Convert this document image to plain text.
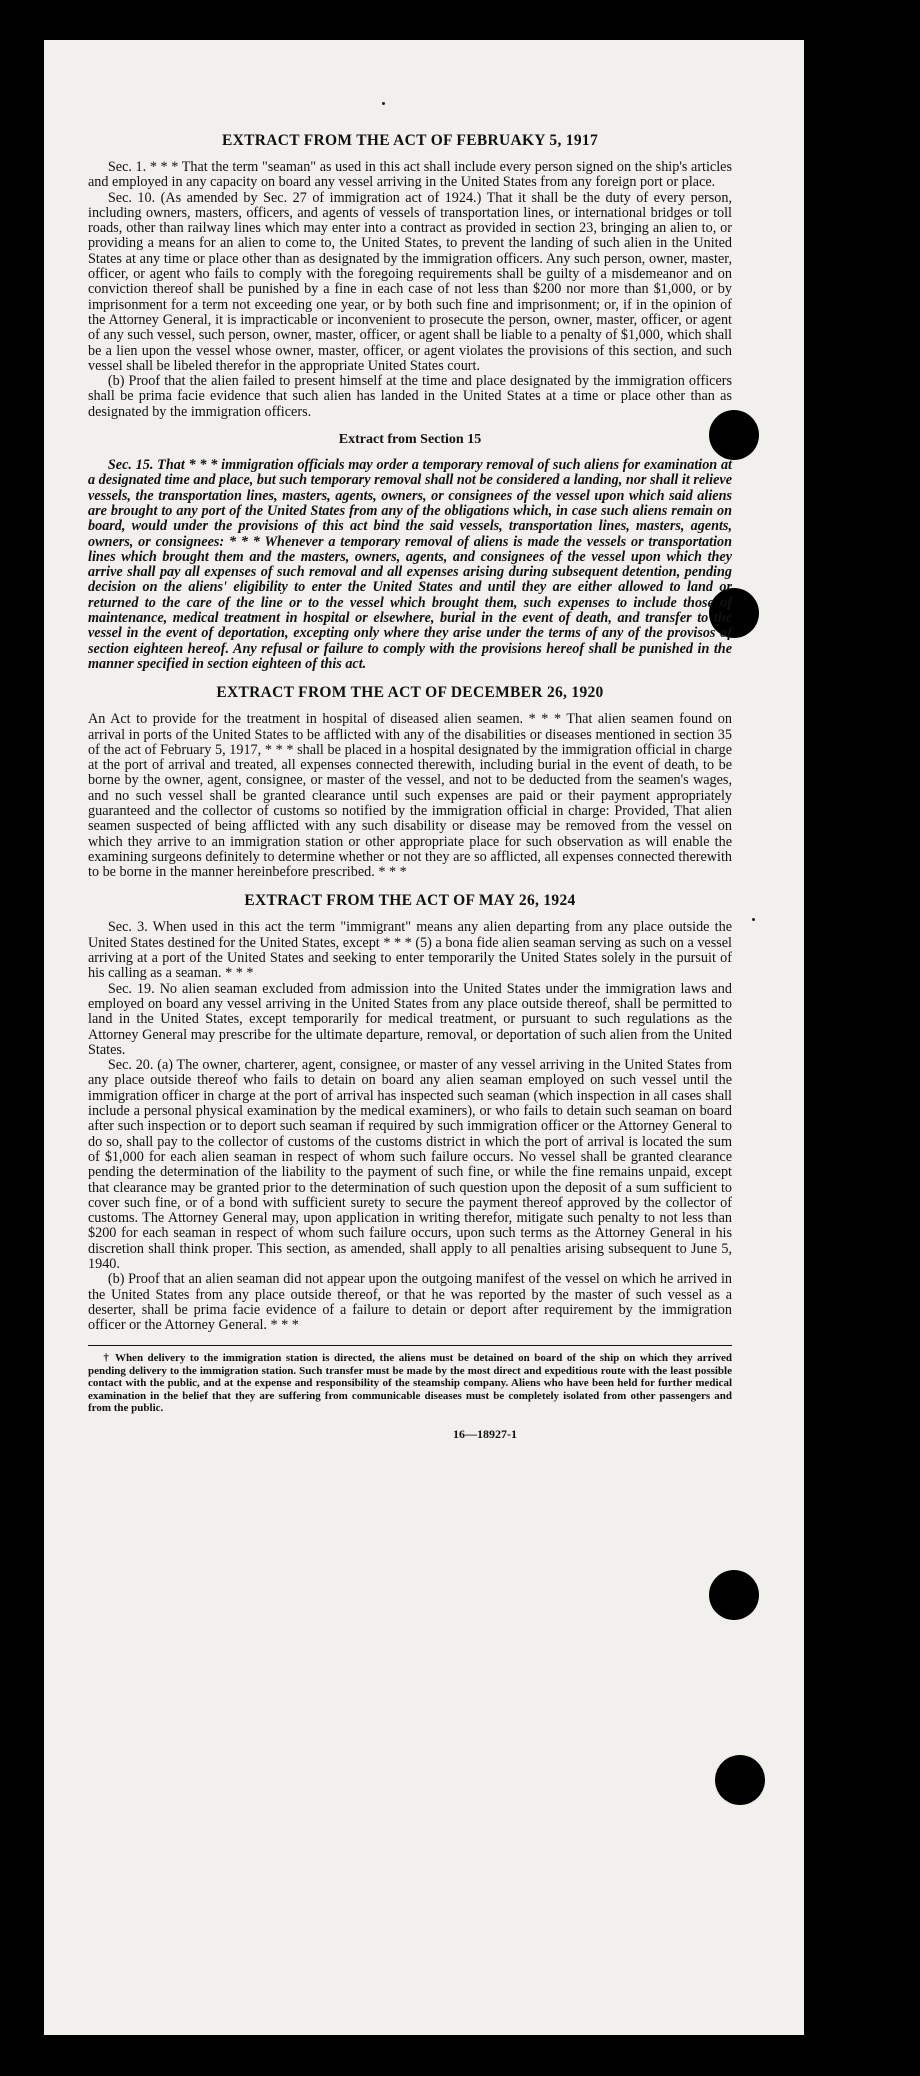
EXTRACT FROM THE ACT OF FEBRUAKY 5, 1917

Sec. 1. * * * That the term "seaman" as used in this act shall include every person signed on the ship's articles and employed in any capacity on board any vessel arriving in the United States from any foreign port or place.

Sec. 10. (As amended by Sec. 27 of immigration act of 1924.) That it shall be the duty of every person, including owners, masters, officers, and agents of vessels of transportation lines, or international bridges or toll roads, other than railway lines which may enter into a contract as provided in section 23, bringing an alien to, or providing a means for an alien to come to, the United States, to prevent the landing of such alien in the United States at any time or place other than as designated by the immigration officers. Any such person, owner, master, officer, or agent who fails to comply with the foregoing requirements shall be guilty of a misdemeanor and on conviction thereof shall be punished by a fine in each case of not less than $200 nor more than $1,000, or by imprisonment for a term not exceeding one year, or by both such fine and imprisonment; or, if in the opinion of the Attorney General, it is impracticable or inconvenient to prosecute the person, owner, master, officer, or agent of any such vessel, such person, owner, master, officer, or agent shall be liable to a penalty of $1,000, which shall be a lien upon the vessel whose owner, master, officer, or agent violates the provisions of this section, and such vessel shall be libeled therefor in the appropriate United States court.

(b) Proof that the alien failed to present himself at the time and place designated by the immigration officers shall be prima facie evidence that such alien has landed in the United States at a time or place other than as designated by the immigration officers.

Extract from Section 15

Sec. 15. That * * * immigration officials may order a temporary removal of such aliens for examination at a designated time and place, but such temporary removal shall not be considered a landing, nor shall it relieve vessels, the transportation lines, masters, agents, owners, or consignees of the vessel upon which said aliens are brought to any port of the United States from any of the obligations which, in case such aliens remain on board, would under the provisions of this act bind the said vessels, transportation lines, masters, agents, owners, or consignees: * * * Whenever a temporary removal of aliens is made the vessels or transportation lines which brought them and the masters, owners, agents, and consignees of the vessel upon which they arrive shall pay all expenses of such removal and all expenses arising during subsequent detention, pending decision on the aliens' eligibility to enter the United States and until they are either allowed to land or returned to the care of the line or to the vessel which brought them, such expenses to include those of maintenance, medical treatment in hospital or elsewhere, burial in the event of death, and transfer to the vessel in the event of deportation, excepting only where they arise under the terms of any of the provisos of section eighteen hereof. Any refusal or failure to comply with the provisions hereof shall be punished in the manner specified in section eighteen of this act.

EXTRACT FROM THE ACT OF DECEMBER 26, 1920

An Act to provide for the treatment in hospital of diseased alien seamen. * * * That alien seamen found on arrival in ports of the United States to be afflicted with any of the disabilities or diseases mentioned in section 35 of the act of February 5, 1917, * * * shall be placed in a hospital designated by the immigration official in charge at the port of arrival and treated, all expenses connected therewith, including burial in the event of death, to be borne by the owner, agent, consignee, or master of the vessel, and not to be deducted from the seamen's wages, and no such vessel shall be granted clearance until such expenses are paid or their payment appropriately guaranteed and the collector of customs so notified by the immigration official in charge: Provided, That alien seamen suspected of being afflicted with any such disability or disease may be removed from the vessel on which they arrive to an immigration station or other appropriate place for such observation as will enable the examining surgeons definitely to determine whether or not they are so afflicted, all expenses connected therewith to be borne in the manner hereinbefore prescribed. * * *

EXTRACT FROM THE ACT OF MAY 26, 1924

Sec. 3. When used in this act the term "immigrant" means any alien departing from any place outside the United States destined for the United States, except * * * (5) a bona fide alien seaman serving as such on a vessel arriving at a port of the United States and seeking to enter temporarily the United States solely in the pursuit of his calling as a seaman. * * *

Sec. 19. No alien seaman excluded from admission into the United States under the immigration laws and employed on board any vessel arriving in the United States from any place outside thereof, shall be permitted to land in the United States, except temporarily for medical treatment, or pursuant to such regulations as the Attorney General may prescribe for the ultimate departure, removal, or deportation of such alien from the United States.

Sec. 20. (a) The owner, charterer, agent, consignee, or master of any vessel arriving in the United States from any place outside thereof who fails to detain on board any alien seaman employed on such vessel until the immigration officer in charge at the port of arrival has inspected such seaman (which inspection in all cases shall include a personal physical examination by the medical examiners), or who fails to detain such seaman on board after such inspection or to deport such seaman if required by such immigration officer or the Attorney General to do so, shall pay to the collector of customs of the customs district in which the port of arrival is located the sum of $1,000 for each alien seaman in respect of whom such failure occurs. No vessel shall be granted clearance pending the determination of the liability to the payment of such fine, or while the fine remains unpaid, except that clearance may be granted prior to the determination of such question upon the deposit of a sum sufficient to cover such fine, or of a bond with sufficient surety to secure the payment thereof approved by the collector of customs. The Attorney General may, upon application in writing therefor, mitigate such penalty to not less than $200 for each seaman in respect of whom such failure occurs, upon such terms as the Attorney General in his discretion shall think proper. This section, as amended, shall apply to all penalties arising subsequent to June 5, 1940.

(b) Proof that an alien seaman did not appear upon the outgoing manifest of the vessel on which he arrived in the United States from any place outside thereof, or that he was reported by the master of such vessel as a deserter, shall be prima facie evidence of a failure to detain or deport after requirement by the immigration officer or the Attorney General. * * *

† When delivery to the immigration station is directed, the aliens must be detained on board of the ship on which they arrived pending delivery to the immigration station. Such transfer must be made by the most direct and expeditious route with the least possible contact with the public, and at the expense and responsibility of the steamship company. Aliens who have been held for further medical examination in the belief that they are suffering from communicable diseases must be completely isolated from other passengers and from the public.

16—18927-1
